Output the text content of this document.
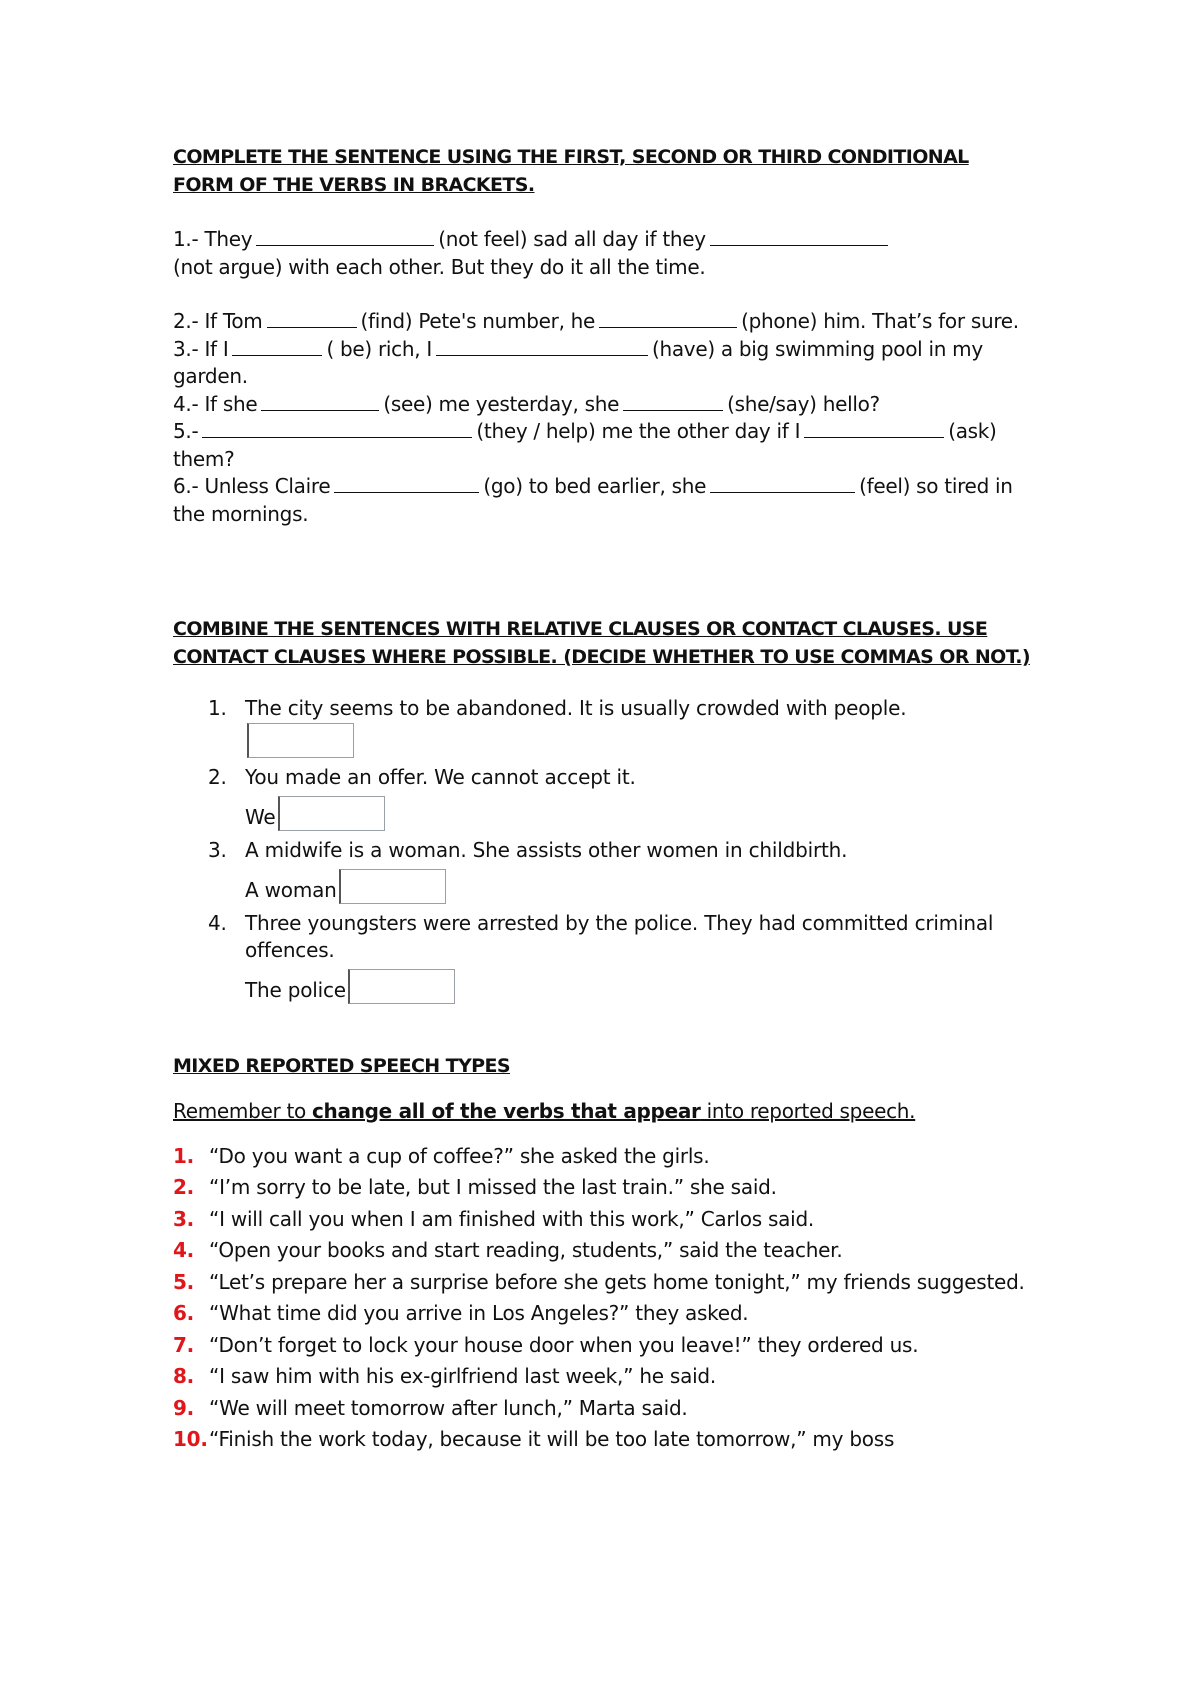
COMPLETE THE SENTENCE USING THE FIRST, SECOND OR THIRD CONDITIONAL
FORM OF THE VERBS IN BRACKETS.

1.- They	(not feel) sad all day if they
(not argue) with each other. But they do it all the time.

2.- If Tom	(find) Pete's number, he	(phone) him. That’s for sure.

3.- If I	( be) rich, I	(have) a big swimming pool in my garden.

4.- If she	(see) me yesterday, she	(she/say) hello?

5.-	(they / help) me the other day if I	(ask) them?

6.- Unless Claire	(go) to bed earlier, she	(feel) so tired in the mornings.

COMBINE THE SENTENCES WITH RELATIVE CLAUSES OR CONTACT CLAUSES. USE CONTACT CLAUSES WHERE POSSIBLE. (DECIDE WHETHER TO USE COMMAS OR NOT.)

1. The city seems to be abandoned. It is usually crowded with people.
2. You made an offer. We cannot accept it.
We
3. A midwife is a woman. She assists other women in childbirth.
A woman
4. Three youngsters were arrested by the police. They had committed criminal offences.
The police

MIXED REPORTED SPEECH TYPES

Remember to change all of the verbs that appear into reported speech.

1. “Do you want a cup of coffee?” she asked the girls.
2. “I’m sorry to be late, but I missed the last train.” she said.
3. “I will call you when I am finished with this work,” Carlos said.
4. “Open your books and start reading, students,” said the teacher.
5. “Let’s prepare her a surprise before she gets home tonight,” my friends suggested.
6. “What time did you arrive in Los Angeles?” they asked.
7. “Don’t forget to lock your house door when you leave!” they ordered us.
8. “I saw him with his ex-girlfriend last week,” he said.
9. “We will meet tomorrow after lunch,” Marta said.
10. “Finish the work today, because it will be too late tomorrow,” my boss
